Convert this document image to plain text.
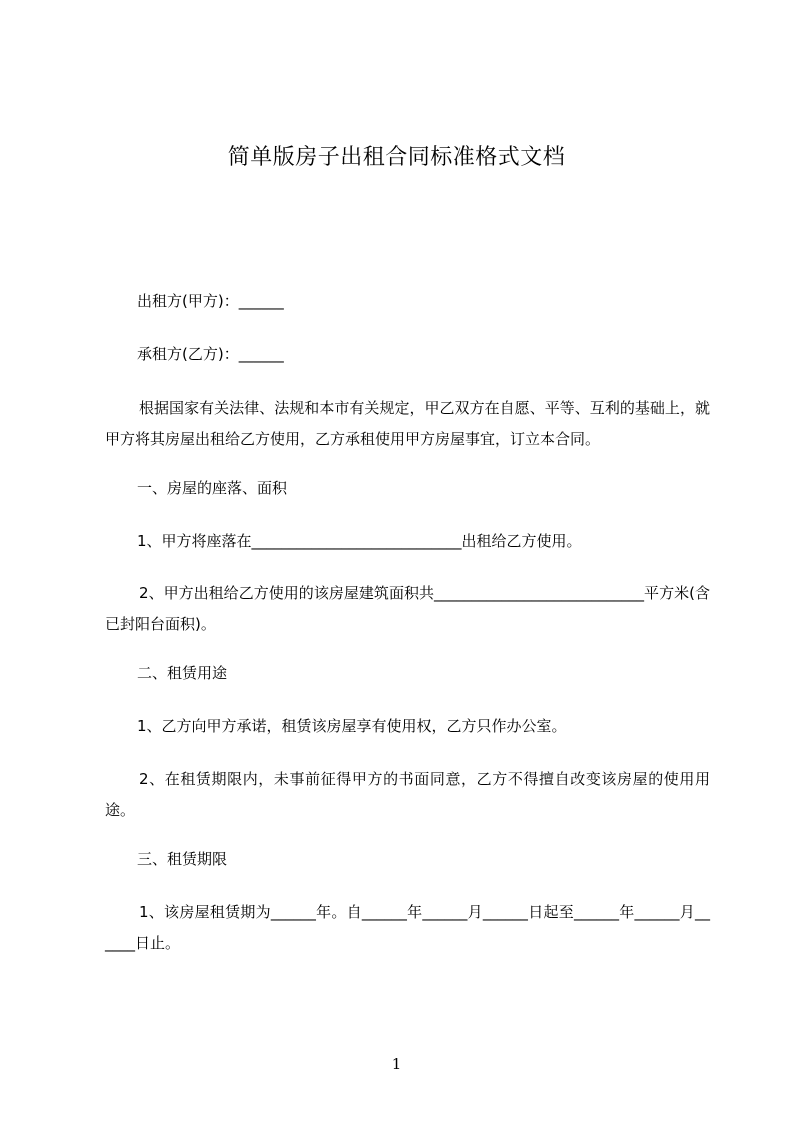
简单版房子出租合同标准格式文档
出租方(甲方)：______
承租方(乙方)：______
根据国家有关法律、法规和本市有关规定，甲乙双方在自愿、平等、互利的基础上，就甲方将其房屋出租给乙方使用，乙方承租使用甲方房屋事宜，订立本合同。
一、房屋的座落、面积
1、甲方将座落在____________________________出租给乙方使用。
2、甲方出租给乙方使用的该房屋建筑面积共____________________________平方米(含已封阳台面积)。
二、租赁用途
1、乙方向甲方承诺，租赁该房屋享有使用权，乙方只作办公室。
2、在租赁期限内，未事前征得甲方的书面同意，乙方不得擅自改变该房屋的使用用途。
三、租赁期限
1、该房屋租赁期为______年。自______年______月______日起至______年______月______日止。
1
